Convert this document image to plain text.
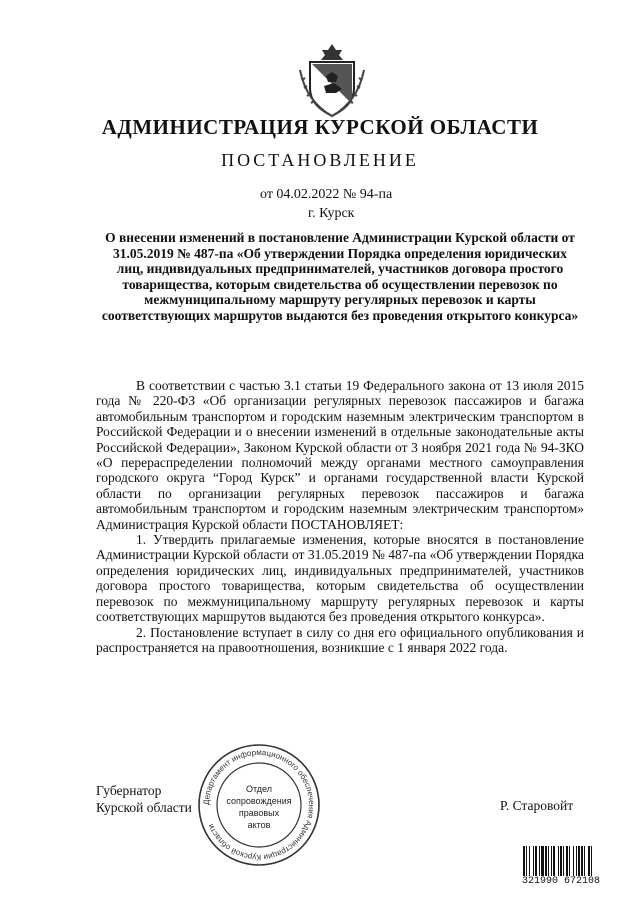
АДМИНИСТРАЦИЯ КУРСКОЙ ОБЛАСТИ
ПОСТАНОВЛЕНИЕ
от 04.02.2022 № 94-па
г. Курск
О внесении изменений в постановление Администрации Курской области от 31.05.2019 № 487-па «Об утверждении Порядка определения юридических лиц, индивидуальных предпринимателей, участников договора простого товарищества, которым свидетельства об осуществлении перевозок по межмуниципальному маршруту регулярных перевозок и карты соответствующих маршрутов выдаются без проведения открытого конкурса»

В соответствии с частью 3.1 статьи 19 Федерального закона от 13 июля 2015 года № 220-ФЗ «Об организации регулярных перевозок пассажиров и багажа автомобильным транспортом и городским наземным электрическим транспортом в Российской Федерации и о внесении изменений в отдельные законодательные акты Российской Федерации», Законом Курской области от 3 ноября 2021 года № 94-ЗКО «О перераспределении полномочий между органами местного самоуправления городского округа “Город Курск” и органами государственной власти Курской области по организации регулярных перевозок пассажиров и багажа автомобильным транспортом и городским наземным электрическим транспортом» Администрация Курской области ПОСТАНОВЛЯЕТ:

1. Утвердить прилагаемые изменения, которые вносятся в постановление Администрации Курской области от 31.05.2019 № 487-па «Об утверждении Порядка определения юридических лиц, индивидуальных предпринимателей, участников договора простого товарищества, которым свидетельства об осуществлении перевозок по межмуниципальному маршруту регулярных перевозок и карты соответствующих маршрутов выдаются без проведения открытого конкурса».

2. Постановление вступает в силу со дня его официального опубликования и распространяется на правоотношения, возникшие с 1 января 2022 года.

Губернатор
Курской области	Р. Старовойт
Департамент информационного обеспечения Администрации Курской области
Отдел
сопровождения
правовых
актов
321990 672108
